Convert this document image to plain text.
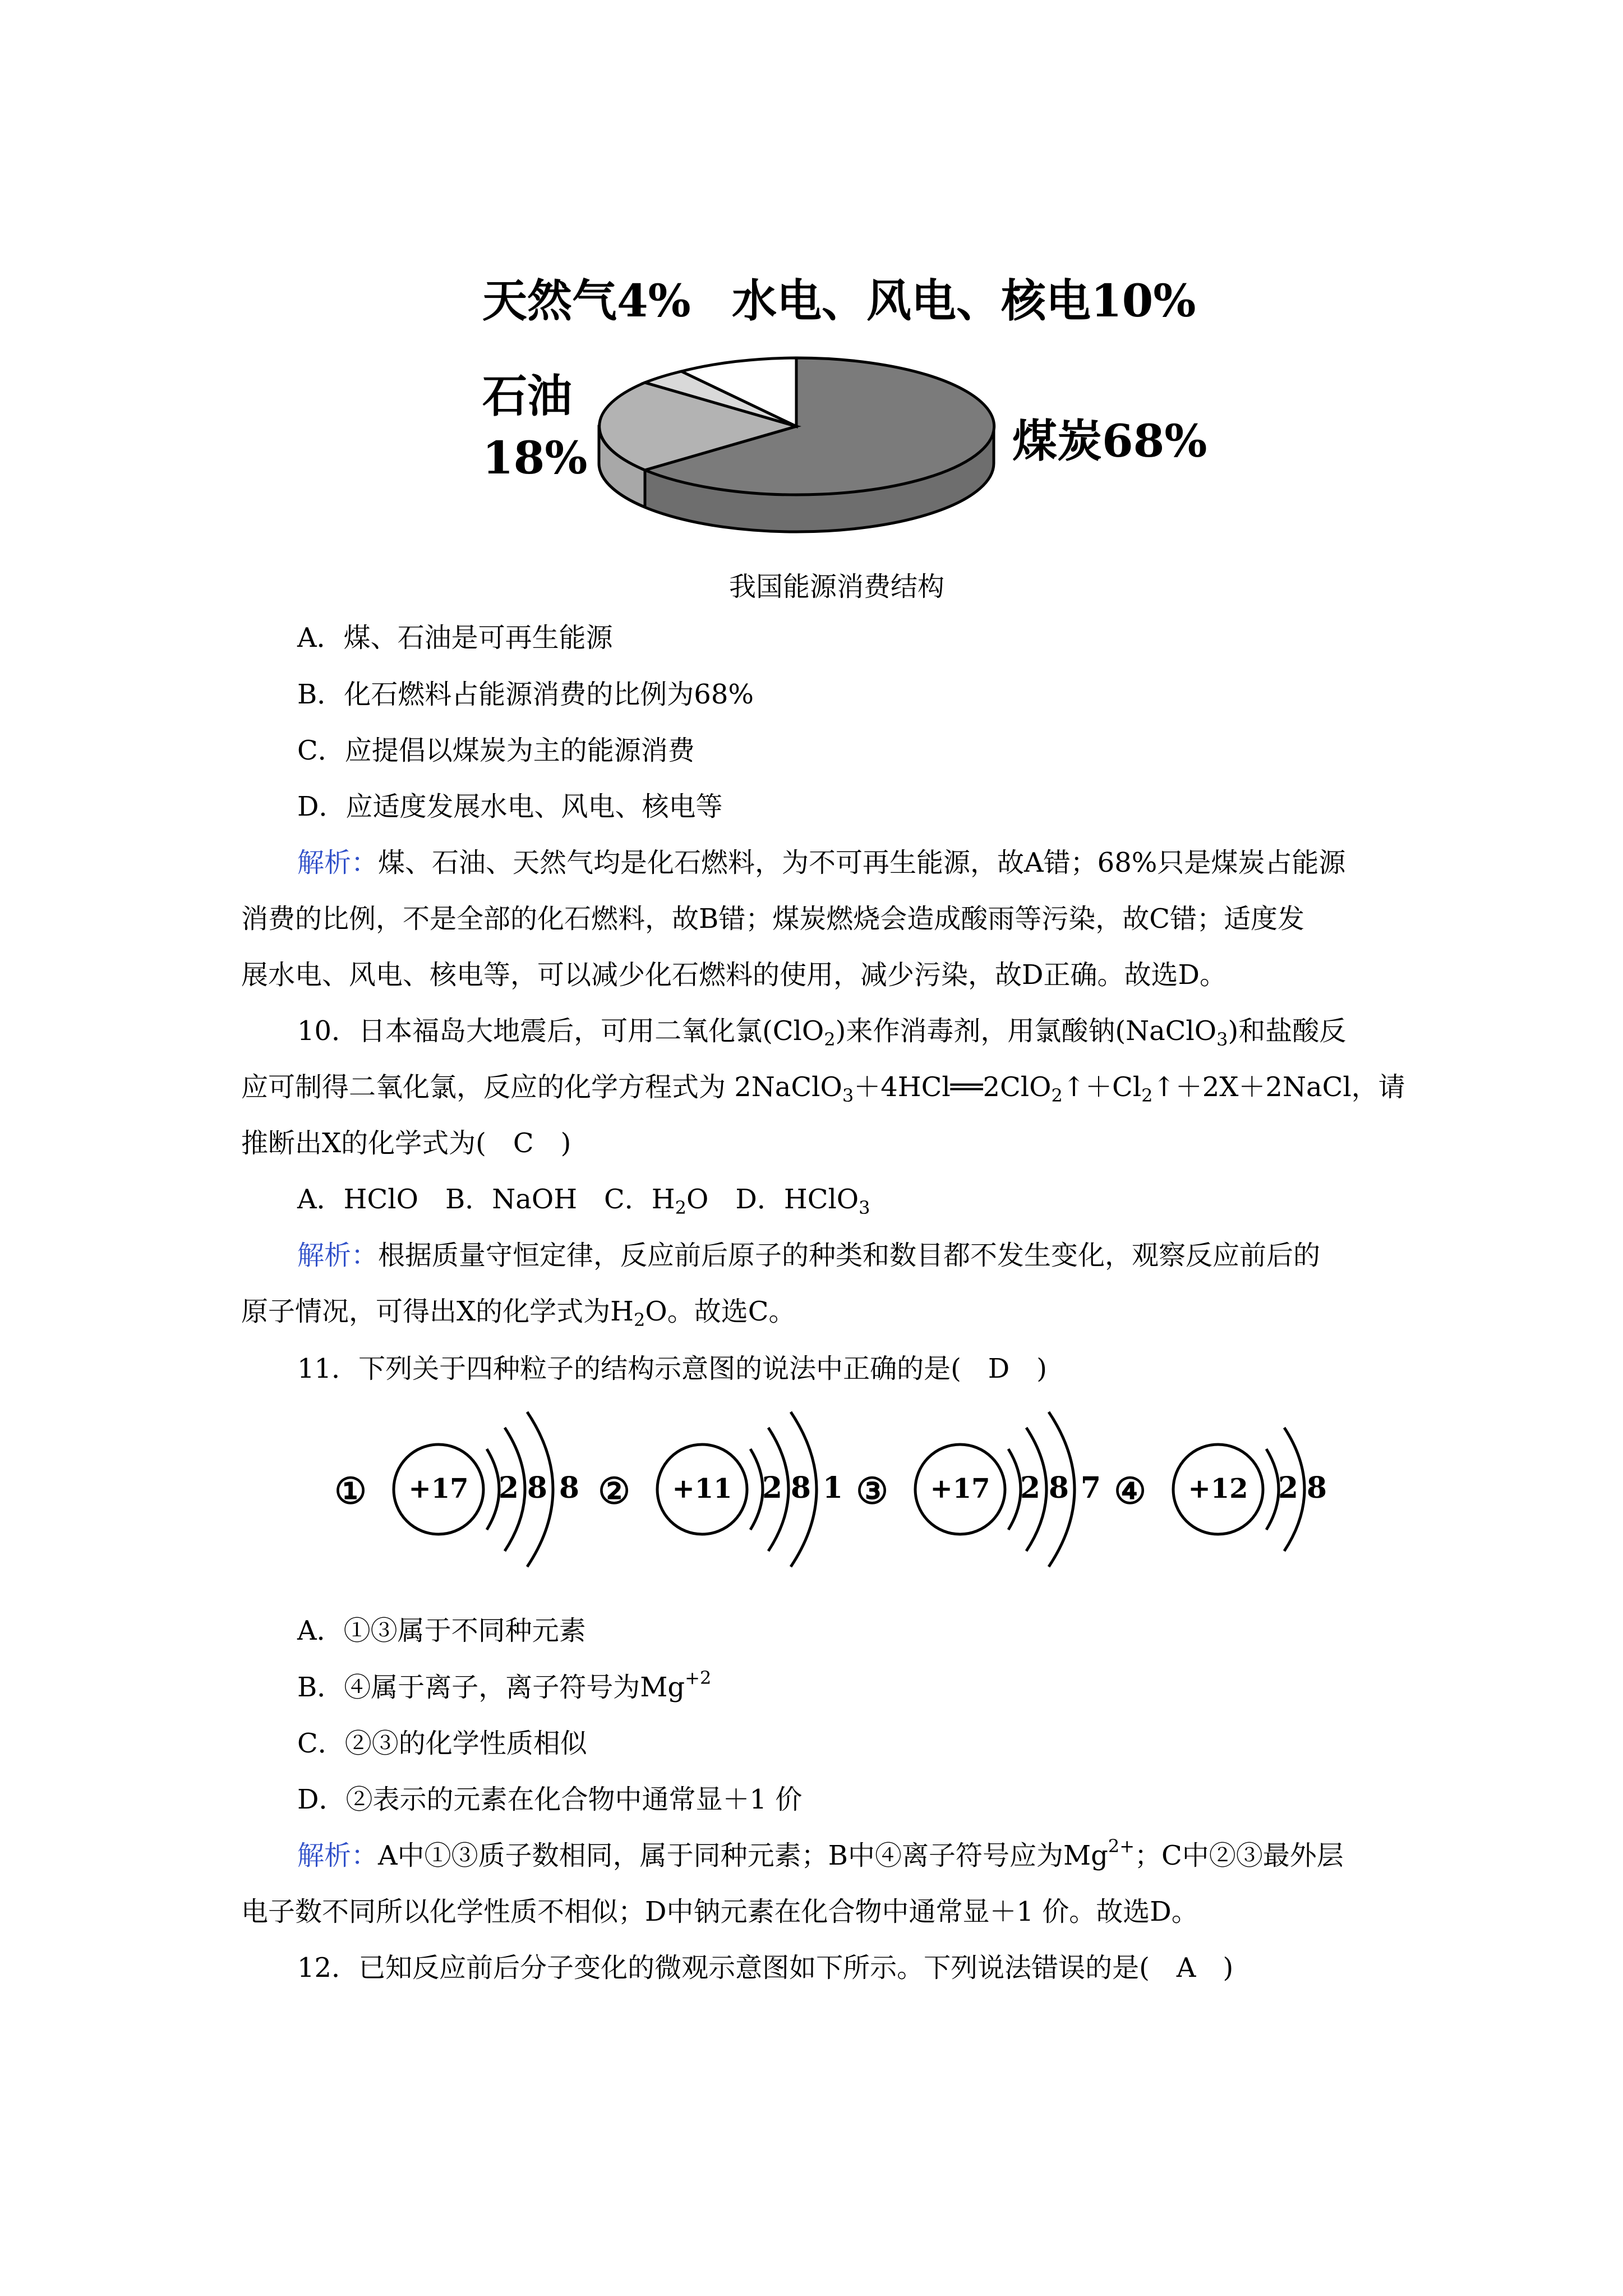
天然气4% 水电、风电、核电10%
石油
18%	煤炭68%
我国能源消费结构
A．煤、石油是可再生能源
B．化石燃料占能源消费的比例为68%
C．应提倡以煤炭为主的能源消费
D．应适度发展水电、风电、核电等
解析：煤、石油、天然气均是化石燃料，为不可再生能源，故A错；68%只是煤炭占能源
消费的比例，不是全部的化石燃料，故B错；煤炭燃烧会造成酸雨等污染，故C错；适度发
展水电、风电、核电等，可以减少化石燃料的使用，减少污染，故D正确。故选D。
10．日本福岛大地震后，可用二氧化氯(ClO$_2$)来作消毒剂，用氯酸钠(NaClO$_3$)和盐酸反
应可制得二氧化氯，反应的化学方程式为 $2NaClO_3+4HCl══2ClO_2↑+Cl_2↑+2X+2NaCl$，请
推断出X的化学式为(　C　)
A．HClO　B．NaOH　C．$H_2O$　D．HClO$_3$
解析：根据质量守恒定律，反应前后原子的种类和数目都不发生变化，观察反应前后的
原子情况，可得出X的化学式为$H_2O$。故选C。
11．下列关于四种粒子的结构示意图的说法中正确的是(　D　)
① +17 2 8 8 ② +11 2 8 1 ③ +17 2 8 7 ④ +12 2 8
A．①③属于不同种元素
B．④属于离子，离子符号为$Mg^{+2}$
C．②③的化学性质相似
D．②表示的元素在化合物中通常显＋1 价
解析：A中①③质子数相同，属于同种元素；B中④离子符号应为$Mg^{2+}$；C中②③最外层
电子数不同所以化学性质不相似；D中钠元素在化合物中通常显＋1 价。故选D。
12．已知反应前后分子变化的微观示意图如下所示。下列说法错误的是(　A　)
